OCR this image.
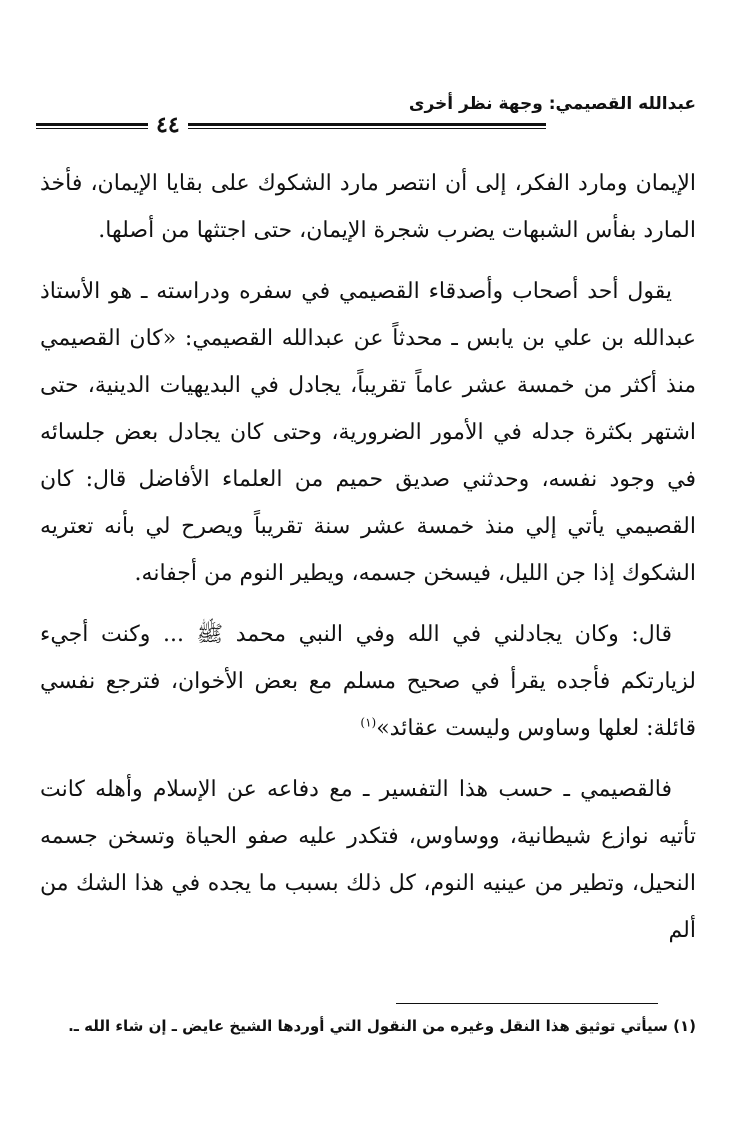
عبدالله القصيمي: وجهة نظر أخرى
٤٤

الإيمان ومارد الفكر، إلى أن انتصر مارد الشكوك على بقايا الإيمان، فأخذ المارد بفأس الشبهات يضرب شجرة الإيمان، حتى اجتثها من أصلها.

يقول أحد أصحاب وأصدقاء القصيمي في سفره ودراسته ـ هو الأستاذ عبدالله بن علي بن يابس ـ محدثاً عن عبدالله القصيمي: «كان القصيمي منذ أكثر من خمسة عشر عاماً تقريباً، يجادل في البديهيات الدينية، حتى اشتهر بكثرة جدله في الأمور الضرورية، وحتى كان يجادل بعض جلسائه في وجود نفسه، وحدثني صديق حميم من العلماء الأفاضل قال: كان القصيمي يأتي إلي منذ خمسة عشر سنة تقريباً ويصرح لي بأنه تعتريه الشكوك إذا جن الليل، فيسخن جسمه، ويطير النوم من أجفانه.

قال: وكان يجادلني في الله وفي النبي محمد ﷺ ... وكنت أجيء لزيارتكم فأجده يقرأ في صحيح مسلم مع بعض الأخوان، فترجع نفسي قائلة: لعلها وساوس وليست عقائد»$^{(١)}$

فالقصيمي ـ حسب هذا التفسير ـ مع دفاعه عن الإسلام وأهله كانت تأتيه نوازع شيطانية، ووساوس، فتكدر عليه صفو الحياة وتسخن جسمه النحيل، وتطير من عينيه النوم، كل ذلك بسبب ما يجده في هذا الشك من ألم

(١) سيأتي توثيق هذا النقل وغيره من النقول التي أوردها الشيخ عايض ـ إن شاء الله ـ.
